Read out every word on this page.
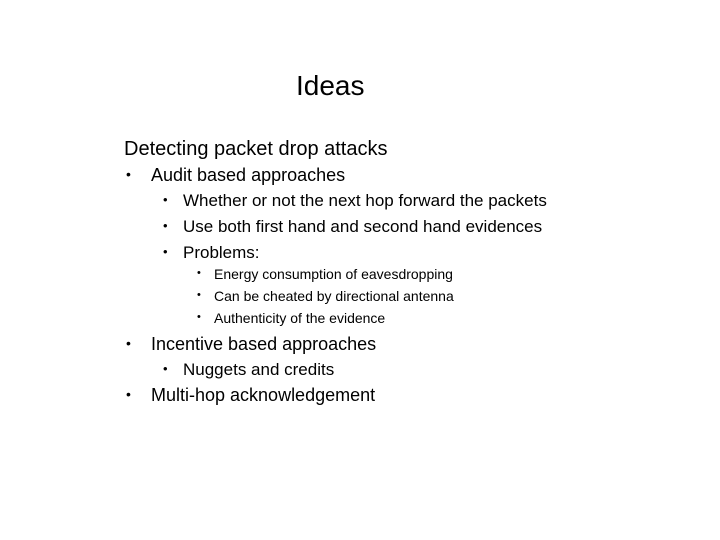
Ideas
Detecting packet drop attacks
• Audit based approaches
• Whether or not the next hop forward the packets
• Use both first hand and second hand evidences
• Problems:
• Energy consumption of eavesdropping
• Can be cheated by directional antenna
• Authenticity of the evidence
• Incentive based approaches
• Nuggets and credits
• Multi-hop acknowledgement
